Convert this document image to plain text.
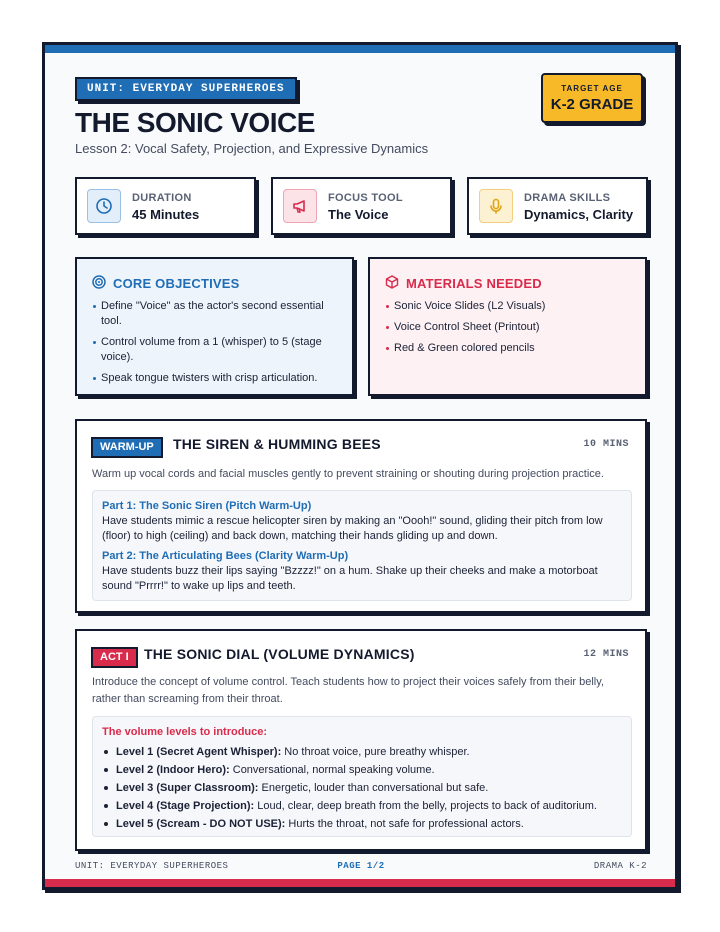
UNIT: EVERYDAY SUPERHEROES
THE SONIC VOICE
Lesson 2: Vocal Safety, Projection, and Expressive Dynamics
TARGET AGE
K-2 GRADE
DURATION
45 Minutes
FOCUS TOOL
The Voice
DRAMA SKILLS
Dynamics, Clarity
CORE OBJECTIVES
Define "Voice" as the actor's second essential tool.
Control volume from a 1 (whisper) to 5 (stage voice).
Speak tongue twisters with crisp articulation.
MATERIALS NEEDED
Sonic Voice Slides (L2 Visuals)
Voice Control Sheet (Printout)
Red & Green colored pencils
WARM-UP	THE SIREN & HUMMING BEES	10 MINS
Warm up vocal cords and facial muscles gently to prevent straining or shouting during projection practice.
Part 1: The Sonic Siren (Pitch Warm-Up)
Have students mimic a rescue helicopter siren by making an "Oooh!" sound, gliding their pitch from low (floor) to high (ceiling) and back down, matching their hands gliding up and down.
Part 2: The Articulating Bees (Clarity Warm-Up)
Have students buzz their lips saying "Bzzzz!" on a hum. Shake up their cheeks and make a motorboat sound "Prrrr!" to wake up lips and teeth.
ACT I	THE SONIC DIAL (VOLUME DYNAMICS)	12 MINS
Introduce the concept of volume control. Teach students how to project their voices safely from their belly, rather than screaming from their throat.
The volume levels to introduce:
Level 1 (Secret Agent Whisper): No throat voice, pure breathy whisper.
Level 2 (Indoor Hero): Conversational, normal speaking volume.
Level 3 (Super Classroom): Energetic, louder than conversational but safe.
Level 4 (Stage Projection): Loud, clear, deep breath from the belly, projects to back of auditorium.
Level 5 (Scream - DO NOT USE): Hurts the throat, not safe for professional actors.
UNIT: EVERYDAY SUPERHEROES	PAGE 1/2	DRAMA K-2
